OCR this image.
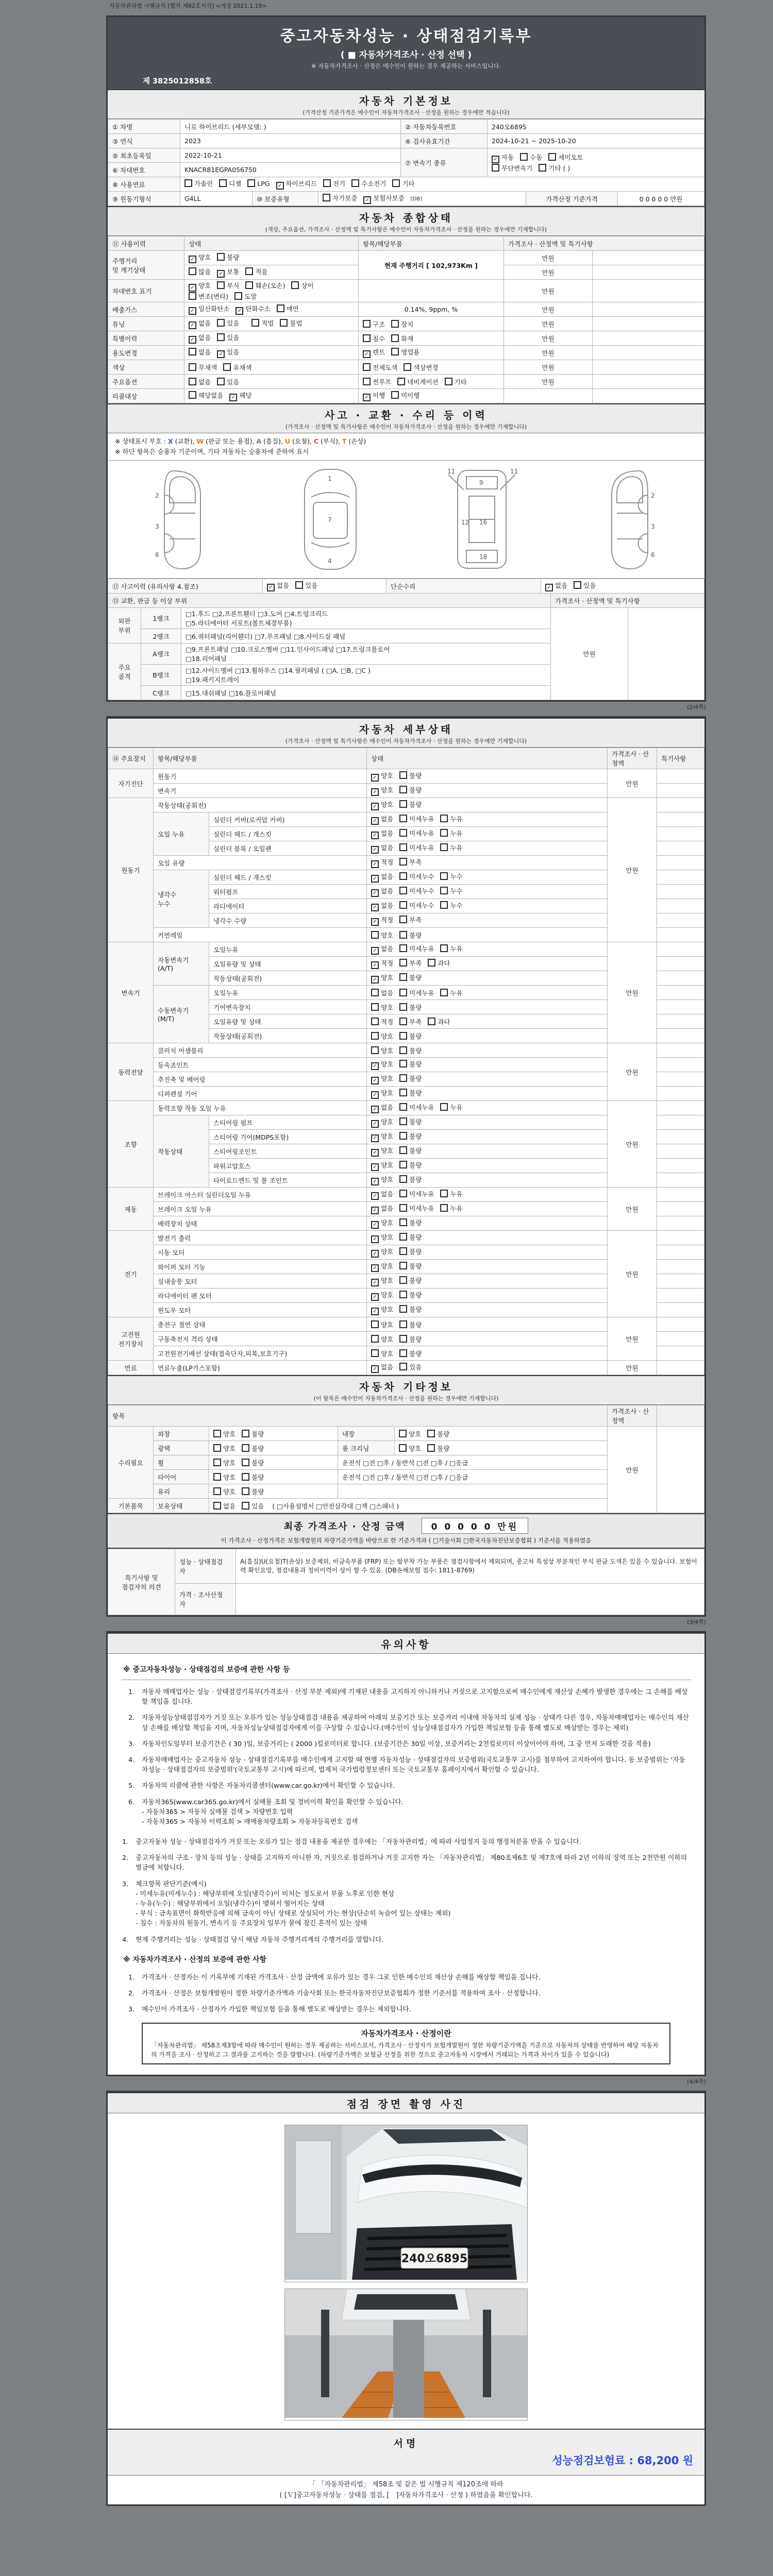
자동차관리법 시행규칙 [별지 제82호서식] <개정 2021.1.19>
중고자동차성능 · 상태점검기록부
( ■ 자동차가격조사 · 산정 선택 )
※ 자동차가격조사 · 산정은 매수인이 원하는 경우 제공하는 서비스입니다.
제 3825012858호
자동차 기본정보
(가격산정 기준가격은 매수인이 자동차가격조사 · 산정을 원하는 경우에만 적습니다)
① 차명	니로 하이브리드 (세부모델: )	② 자동차등록번호	240오6895
③ 연식	2023	④ 검사유효기간	2024-10-21 ~ 2025-10-20
⑤ 최초등록일	2022-10-21	⑦ 변속기 종류	✓ 자동 수동 세미오토
무단변속기 기타 ( )
⑥ 차대번호	KNACR81EGPA056750		
⑧ 사용연료	가솔린 디젤 LPG ✓ 하이브리드 전기 수소전기 기타		
⑨ 원동기형식	G4LL	⑩ 보증유형	자가보증 ✓ 보험사보증 [DB]	가격산정 기준가격	0 0 0 0 0 만원
자동차 종합상태
(색상, 주요옵션, 가격조사 · 산정액 및 특기사항은 매수인이 자동차가격조사 · 산정을 원하는 경우에만 기재합니다)
⑪ 사용이력	상태	항목/해당부품	가격조사 · 산정액 및 특기사항	
주행거리
및 계기상태	✓ 양호 불량	현재 주행거리 [ 102,973Km ]	만원	
	많음 ✓ 보통 적음		만원	
차대번호 표기	✓ 양호 부식 훼손(오손) 상이변조(변타) 도말		만원	
배출가스	✓ 일산화탄소 ✓ 탄화수소 매연	0.14%, 9ppm, %	만원	
튜닝	✓ 없음 있음 적법 불법	구조 장치	만원	
특별이력	✓ 없음 있음	침수 화재	만원	
용도변경	없음 ✓ 있음	✓ 렌트 영업용	만원	
색상	무채색 유채색	전체도색 색상변경	만원	
주요옵션	없음 있음	썬루프 네비게이션 기타	만원	
리콜대상	해당없음 ✓ 해당	✓ 이행 미이행		
사고 · 교환 · 수리 등 이력
(가격조사 · 산정액 및 특기사항은 매수인이 자동차가격조사 · 산정을 원하는 경우에만 기재합니다)
※ 상태표시 부호 : X (교환), W (판금 또는 용접), A (흠집), U (요철), C (부식), T (손상)
※ 하단 항목은 승용차 기준이며, 기타 자동차는 승용차에 준하여 표시
2
3
6
1
7
4
11	11
9
16
12
18
2
3
6
⑫ 사고이력 (유의사항 4.참조)	✓ 없음 있음	단순수리	✓ 없음 있음
⑬ 교환, 판금 등 이상 부위			가격조사 · 산정액 및 특기사항	
외판
부위	1랭크	□1.후드 □2.프론트휀더 □3.도어 □4.트렁크리드
□5.라디에이터 서포트(볼트체결부품)	만원	
	2랭크	□6.쿼터패널(리어휀더) □7.루프패널 □8.사이드실 패널		
주요
골격	A랭크	□9.프론트패널 □10.크로스멤버 □11.인사이드패널 □17.트렁크플로어
□18.리어패널		
	B랭크	□12.사이드멤버 □13.휠하우스 □14.필러패널 ( □A, □B, □C )
□19.패키지트레이		
	C랭크	□15.대쉬패널 □16.플로어패널		
(2/4쪽)
자동차 세부상태
(가격조사 · 산정액 및 특기사항은 매수인이 자동차가격조사 · 산정을 원하는 경우에만 기재합니다)
⑭ 주요장치	항목/해당부품		상태	가격조사 · 산정액	특기사항
자기진단	원동기		✓ 양호 불량	만원	
	변속기		✓ 양호 불량		
원동기	작동상태(공회전)		✓ 양호 불량	만원	
	오일 누유	실린더 커버(로커암 커버)	✓ 없음 미세누유 누유		
		실린더 헤드 / 개스킷	✓ 없음 미세누유 누유		
		실린더 블록 / 오일팬	✓ 없음 미세누유 누유		
	오일 유량		✓ 적정 부족		
	냉각수
누수	실린더 헤드 / 개스킷	✓ 없음 미세누수 누수		
		워터펌프	✓ 없음 미세누수 누수		
		라디에이터	✓ 없음 미세누수 누수		
		냉각수 수량	✓ 적정 부족		
	커먼레일		양호 불량		
변속기	자동변속기
(A/T)	오일누유	✓ 없음 미세누유 누유	만원	
		오일유량 및 상태	✓ 적정 부족 과다		
		작동상태(공회전)	✓ 양호 불량		
	수동변속기
(M/T)	오일누유	없음 미세누유 누유		
		기어변속장치	양호 불량		
		오일유량 및 상태	적정 부족 과다		
		작동상태(공회전)	양호 불량		
동력전달	클러치 어셈블리		양호 불량	만원	
	등속죠인트		✓ 양호 불량		
	추진축 및 베어링		✓ 양호 불량		
	디퍼렌셜 기어		✓ 양호 불량		
조향	동력조향 작동 오일 누유		✓ 없음 미세누유 누유	만원	
	작동상태	스티어링 펌프	✓ 양호 불량		
		스티어링 기어(MDPS포함)	✓ 양호 불량		
		스티어링조인트	✓ 양호 불량		
		파워고압호스	✓ 양호 불량		
		타이로드엔드 및 볼 조인트	✓ 양호 불량		
제동	브레이크 마스터 실린더오일 누유		✓ 없음 미세누유 누유	만원	
	브레이크 오일 누유		✓ 없음 미세누유 누유		
	배력장치 상태		✓ 양호 불량		
전기	발전기 출력		✓ 양호 불량	만원	
	시동 모터		✓ 양호 불량		
	와이퍼 모터 기능		✓ 양호 불량		
	실내송풍 모터		✓ 양호 불량		
	라디에이터 팬 모터		✓ 양호 불량		
	윈도우 모터		✓ 양호 불량		
고전원
전기장치	충전구 절연 상태		양호 불량	만원	
	구동축전지 격리 상태		양호 불량		
	고전원전기배선 상태(접속단자,피복,보호기구)		양호 불량		
연료	연료누출(LP가스포함)		✓ 없음 있음	만원	
자동차 기타정보
(이 항목은 매수인이 자동차가격조사 · 산정을 원하는 경우에만 기재합니다)
항목					가격조사 · 산정액	
수리필요	외장	양호 불량	내장	양호 불량	만원	
	광택	양호 불량	룸 크리닝	양호 불량		
	휠	양호 불량	운전석 □전 □후 / 동반석 □전 □후 / □응급			
	타이어	양호 불량	운전석 □전 □후 / 동반석 □전 □후 / □응급			
	유리	양호 불량				
기본품목	보유상태	없음 있음 ( □사용설명서 □안전삼각대 □잭 □스패너 )				
최종 가격조사 · 산정 금액	0 0 0 0 0 만원
이 가격조사 · 산정가격은 보험개발원의 차량기준가액을 바탕으로 한 기준가격과 ( □기술사회 □한국자동차진단보증협회 ) 기준서를 적용하였음
특기사항 및
점검자의 의견	성능 · 상태점검
자	A(흠집)U(요철)T(손상) 보증제외, 비금속부품 (FRP) 또는 탈부착 가능 부품은 점검사항에서 제외되며, 중고차 특성상 부분적인 부식 판금 도색은 있을 수 있습니다. 보험이력 확인요망, 점검내용과 정비이력이 상이 할 수 있음. (DB손해보험 접수: 1811-8769)
	가격 · 조사산정
자	
(3/4쪽)
유의사항
※ 중고자동차성능 · 상태점검의 보증에 관한 사항 등
1.	자동차 매매업자는 성능 · 상태점검기록부(가격조사 · 산정 부분 제외)에 기재된 내용을 고지하지 아니하거나 거짓으로 고지함으로써 매수인에게 재산상 손해가 발생한 경우에는 그 손해를 배상할 책임을 집니다.
2.	자동차성능상태점검자가 거짓 또는 오류가 있는 성능상태점검 내용을 제공하여 아래의 보증기간 또는 보증거리 이내에 자동차의 실제 성능 · 상태가 다른 경우, 자동차매매업자는 매수인의 재산상 손해를 배상할 책임을 지며, 자동차성능상태점검자에게 이를 구상할 수 있습니다.(매수인이 성능상태점검자가 가입한 책임보험 등을 통해 별도로 배상받는 경우는 제외)
3.	자동차인도일부터 보증기간은 ( 30 )일, 보증거리는 ( 2000 )킬로미터로 합니다. (보증기간은 30일 이상, 보증거리는 2천킬로미터 이상이어야 하며, 그 중 먼저 도래한 것을 적용)
4.	자동차매매업자는 중고자동차 성능 · 상태점검기록부를 매수인에게 고지할 때 현행 자동차성능 · 상태점검자의 보증범위(국토교통부 고시)를 첨부하여 고지하여야 합니다. 동 보증범위는 '자동차성능 · 상태점검자의 보증범위'(국토교통부 고시)에 따르며, 법제처 국가법령정보센터 또는 국토교통부 홈페이지에서 확인할 수 있습니다.
5.	자동차의 리콜에 관한 사항은 자동차리콜센터(www.car.go.kr)에서 확인할 수 있습니다.
6.	자동차365(www.car365.go.kr)에서 실매물 조회 및 정비이력 확인을 확인할 수 있습니다.
- 자동차365 > 자동차 실매물 검색 > 차량번호 입력
- 자동차365 > 자동차 이력조회 > 매매용차량조회 > 자동차등록번호 검색
1.	중고자동차 성능 · 상태점검자가 거짓 또는 오류가 있는 점검 내용을 제공한 경우에는 「자동차관리법」에 따라 사업정지 등의 행정처분을 받을 수 있습니다.
2.	중고자동차의 구조 · 장치 등의 성능 · 상태를 고지하지 아니한 자, 거짓으로 점검하거나 거짓 고지한 자는 「자동차관리법」 제80조제6호 및 제7호에 따라 2년 이하의 징역 또는 2천만원 이하의 벌금에 처합니다.
3.	체크항목 판단기준(예시)
- 미세누유(미세누수) : 해당부위에 오일(냉각수)이 비치는 정도로서 부품 노후로 인한 현상
- 누유(누수) : 해당부위에서 오일(냉각수)이 맺혀서 떨어지는 상태
- 부식 : 금속표면이 화학반응에 의해 금속이 아닌 상태로 상실되어 가는 현상(단순히 녹슬어 있는 상태는 제외)
- 침수 : 자동차의 원동기, 변속기 등 주요장치 일부가 물에 잠긴 흔적이 있는 상태
4.	현재 주행거리는 성능 · 상태점검 당시 해당 자동차 주행거리계의 주행거리를 말합니다.
※ 자동차가격조사 · 산정의 보증에 관한 사항
1.	가격조사 · 산정자는 이 기록부에 기재된 가격조사 · 산정 금액에 오류가 있는 경우 그로 인한 매수인의 재산상 손해를 배상할 책임을 집니다.
2.	가격조사 · 산정은 보험개발원이 정한 차량기준가액과 기술사회 또는 한국자동차진단보증협회가 정한 기준서를 적용하여 조사 · 산정합니다.
3.	매수인이 가격조사 · 산정자가 가입한 책임보험 등을 통해 별도로 배상받는 경우는 제외합니다.
자동차가격조사 · 산정이란
「자동차관리법」 제58조제3항에 따라 매수인이 원하는 경우 제공하는 서비스로서, 가격조사 · 산정자가 보험개발원이 정한 차량기준가액을 기준으로 자동차의 상태를 반영하여 해당 자동차의 가격을 조사 · 산정하고 그 결과를 고지하는 것을 말합니다. (차량기준가액은 보험금 산정을 위한 것으로 중고자동차 시장에서 거래되는 가격과 차이가 있을 수 있습니다)
(4/4쪽)
점검 장면 촬영 사진
240오6895

서명
성능점검보험료 : 68,200 원
「 「자동차관리법」 제58조 및 같은 법 시행규칙 제120조에 따라
( [Ｖ]중고자동차성능 · 상태를 점검, [　]자동차가격조사 · 산정 ) 하였음을 확인합니다.
